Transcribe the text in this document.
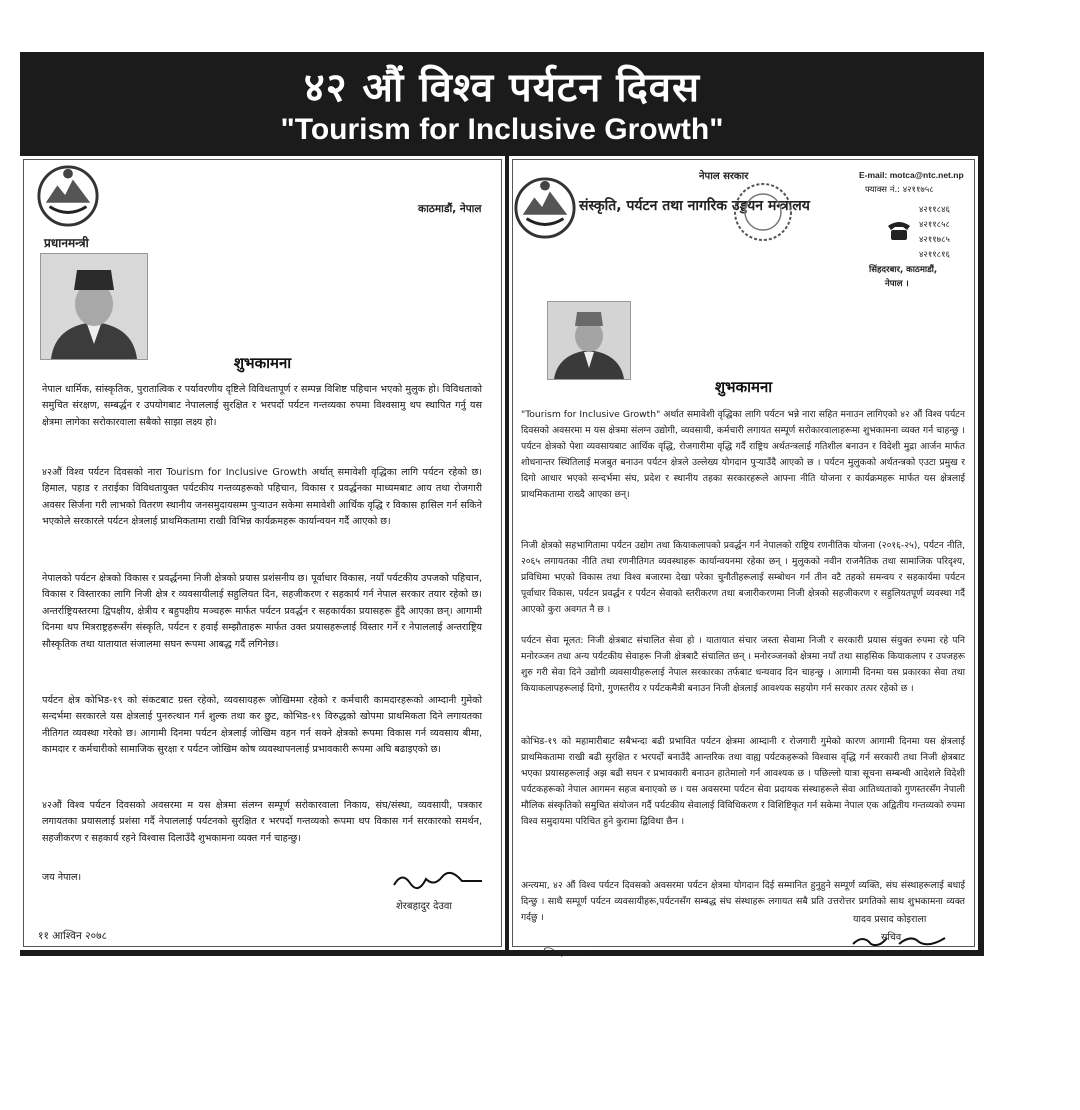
४२ औं विश्व पर्यटन दिवस
"Tourism for Inclusive Growth"
काठमाडौं, नेपाल
प्रधानमन्त्री
शुभकामना

नेपाल धार्मिक, सांस्कृतिक, पुरातात्विक र पर्यावरणीय दृष्टिले विविधतापूर्ण र सम्पन्न विशिष्ट पहिचान भएको मुलुक हो। विविधताको समुचित संरक्षण, सम्बर्द्धन र उपयोगबाट नेपाललाई सुरक्षित र भरपर्दो पर्यटन गन्तव्यका रुपमा विश्वसामु थप स्थापित गर्नु यस क्षेत्रमा लागेका सरोकारवाला सबैको साझा लक्ष्य हो।

४२औं विश्व पर्यटन दिवसको नारा Tourism for Inclusive Growth अर्थात् समावेशी वृद्धिका लागि पर्यटन रहेको छ। हिमाल, पहाड र तराईका विविधतायुक्त पर्यटकीय गन्तव्यहरूको पहिचान, विकास र प्रवर्द्धनका माध्यमबाट आय तथा रोजगारी अवसर सिर्जना गरी लाभको वितरण स्थानीय जनसमुदायसम्म पुऱ्याउन सकेमा समावेशी आर्थिक वृद्धि र विकास हासिल गर्न सकिने भएकोले सरकारले पर्यटन क्षेत्रलाई प्राथमिकतामा राखी विभिन्न कार्यक्रमहरू कार्यान्वयन गर्दै आएको छ।

नेपालको पर्यटन क्षेत्रको विकास र प्रवर्द्धनमा निजी क्षेत्रको प्रयास प्रशंसनीय छ। पूर्वाधार विकास, नयाँ पर्यटकीय उपजको पहिचान, विकास र विस्तारका लागि निजी क्षेत्र र व्यवसायीलाई सहुलियत दिन, सहजीकरण र सहकार्य गर्न नेपाल सरकार तयार रहेको छ। अन्तर्राष्ट्रियस्तरमा द्विपक्षीय, क्षेत्रीय र बहुपक्षीय मञ्चहरू मार्फत पर्यटन प्रवर्द्धन र सहकार्यका प्रयासहरू हुँदै आएका छन्। आगामी दिनमा थप मित्रराष्ट्रहरूसँग संस्कृति, पर्यटन र हवाई सम्झौताहरू मार्फत उक्त प्रयासहरूलाई विस्तार गर्ने र नेपाललाई अन्तराष्ट्रिय सौस्कृतिक तथा यातायात संजालमा सघन रूपमा आबद्ध गर्दै लगिनेछ।

पर्यटन क्षेत्र कोभिड-१९ को संकटबाट ग्रस्त रहेको, व्यवसायहरू जोखिममा रहेको र कर्मचारी कामदारहरूको आम्दानी गुमेको सन्दर्भमा सरकारले यस क्षेत्रलाई पुनरुत्थान गर्न शुल्क तथा कर छुट, कोभिड-१९ विरुद्धको खोपमा प्राथमिकता दिने लगायतका नीतिगत व्यवस्था गरेको छ। आगामी दिनमा पर्यटन क्षेत्रलाई जोखिम वहन गर्न सक्ने क्षेत्रको रूपमा विकास गर्न व्यवसाय बीमा, कामदार र कर्मचारीको सामाजिक सुरक्षा र पर्यटन जोखिम कोष व्यवस्थापनलाई प्रभावकारी रूपमा अघि बढाइएको छ।

४२औं विश्व पर्यटन दिवसको अवसरमा म यस क्षेत्रमा संलग्न सम्पूर्ण सरोकारवाला निकाय, संघ/संस्था, व्यवसायी, पत्रकार लगायतका प्रयासलाई प्रशंसा गर्दै नेपाललाई पर्यटनको सुरक्षित र भरपर्दो गन्तव्यको रूपमा थप विकास गर्न सरकारको समर्थन, सहजीकरण र सहकार्य रहने विश्वास दिलाउँदै शुभकामना व्यक्त गर्न चाहन्छु।

जय नेपाल।

शेरबहादुर देउवा
११ आश्विन २०७८
नेपाल सरकार	E-mail: motca@ntc.net.np
फ्याक्स नं.: ४२११७५८
संस्कृति, पर्यटन तथा नागरिक उड्डयन मन्त्रालय	४२११८४६
४२११८५८
४२११७८५
४२११८१६
सिंहदरबार, काठमाडौं,
नेपाल ।
शुभकामना

"Tourism for Inclusive Growth" अर्थात समावेशी वृद्धिका लागि पर्यटन भन्ने नारा सहित मनाउन लागिएको ४२ औं विश्व पर्यटन दिवसको अवसरमा म यस क्षेत्रमा संलग्न उद्योगी, व्यवसायी, कर्मचारी लगायत सम्पूर्ण सरोकारवालाहरूमा शुभकामना व्यक्त गर्न चाहन्छु । पर्यटन क्षेत्रको पेशा व्यवसायबाट आर्थिक वृद्धि, रोजगारीमा वृद्धि गर्दै राष्ट्रिय अर्थतन्त्रलाई गतिशील बनाउन र विदेशी मुद्रा आर्जन मार्फत शोधनान्तर स्थितिलाई मजबुत बनाउन पर्यटन क्षेत्रले उल्लेख्य योगदान पुऱ्याउँदै आएको छ । पर्यटन मुलुकको अर्थतन्त्रको एउटा प्रमुख र दिगो आधार भएको सन्दर्भमा संघ, प्रदेश र स्थानीय तहका सरकारहरूले आफ्ना नीति योजना र कार्यक्रमहरू मार्फत यस क्षेत्रलाई प्राथमिकतामा राख्दै आएका छन्।

निजी क्षेत्रको सहभागितामा पर्यटन उद्योग तथा कियाकलापको प्रवर्द्धन गर्न नेपालको राष्ट्रिय रणनीतिक योजना (२०१६-२५), पर्यटन नीति, २०६५ लगायतका नीति तथा रणनीतिगत व्यवस्थाहरू कार्यान्वयनमा रहेका छन् । मुलुकको नवीन राजनैतिक तथा सामाजिक परिदृश्य, प्रविधिमा भएको विकास तथा विश्व बजारमा देखा परेका चुनौतीहरूलाई सम्बोधन गर्न तीन वटै तहको समन्वय र सहकार्यमा पर्यटन पूर्वाधार विकास, पर्यटन प्रवर्द्धन र पर्यटन सेवाको स्तरीकरण तथा बजारीकरणमा निजी क्षेत्रको सहजीकरण र सहुलियतपूर्ण व्यवस्था गर्दै आएको कुरा अवगत नै छ ।

पर्यटन सेवा मूलत: निजी क्षेत्रबाट संचालित सेवा हो । यातायात संचार जस्ता सेवामा निजी र सरकारी प्रयास संयुक्त रुपमा रहे पनि मनोरञ्जन तथा अन्य पर्यटकीय सेवाहरू निजी क्षेत्रबाटै संचालित छन् । मनोरञ्जनको क्षेत्रमा नयाँ तथा साहसिक कियाकलाप र उपजहरू शुरु गरी सेवा दिने उद्योगी व्यवसायीहरूलाई नेपाल सरकारका तर्फबाट धन्यवाद दिन चाहन्छु । आगामी दिनमा यस प्रकारका सेवा तथा कियाकलापहरूलाई दिगो, गुणस्तरीय र पर्यटकमैत्री बनाउन निजी क्षेत्रलाई आवश्यक सहयोग गर्न सरकार तत्पर रहेको छ ।

कोभिड-१९ को महामारीबाट सबैभन्दा बढी प्रभावित पर्यटन क्षेत्रमा आम्दानी र रोजगारी गुमेको कारण आगामी दिनमा यस क्षेत्रलाई प्राथमिकतामा राखी बढी सुरक्षित र भरपर्दो बनाउँदै आन्तरिक तथा वाह्य पर्यटकहरूको विश्वास वृद्धि गर्न सरकारी तथा निजी क्षेत्रबाट भएका प्रयासहरूलाई अझ बढी सघन र प्रभावकारी बनाउन हातेमालो गर्न आवश्यक छ । पछिल्लो यात्रा सूचना सम्बन्धी आदेशले विदेशी पर्यटकहरूको नेपाल आगमन सहज बनाएको छ । यस अवसरमा पर्यटन सेवा प्रदायक संस्थाहरूले सेवा आतिथ्यताको गुणस्तरसँग नेपाली मौलिक संस्कृतिको समुचित संयोजन गर्दै पर्यटकीय सेवालाई विविधिकरण र विशिष्टिकृत गर्न सकेमा नेपाल एक अद्वितीय गन्तव्यको रुपमा विश्व समुदायमा परिचित हुने कुरामा द्विविधा छैन ।

अन्त्यमा, ४२ औं विश्व पर्यटन दिवसको अवसरमा पर्यटन क्षेत्रमा योगदान दिई सम्मानित हुनुहुने सम्पूर्ण व्यक्ति, संघ संस्थाहरूलाई बधाई दिन्छु । साथै सम्पूर्ण पर्यटन व्यवसायीहरू,पर्यटनसँग सम्बद्ध संघ संस्थाहरू लगायत सबै प्रति उत्तरोत्तर प्रगतिको साथ शुभकामना व्यक्त गर्दछु ।

११ आश्विन, २०७८
यादव प्रसाद कोइराला
सचिव
